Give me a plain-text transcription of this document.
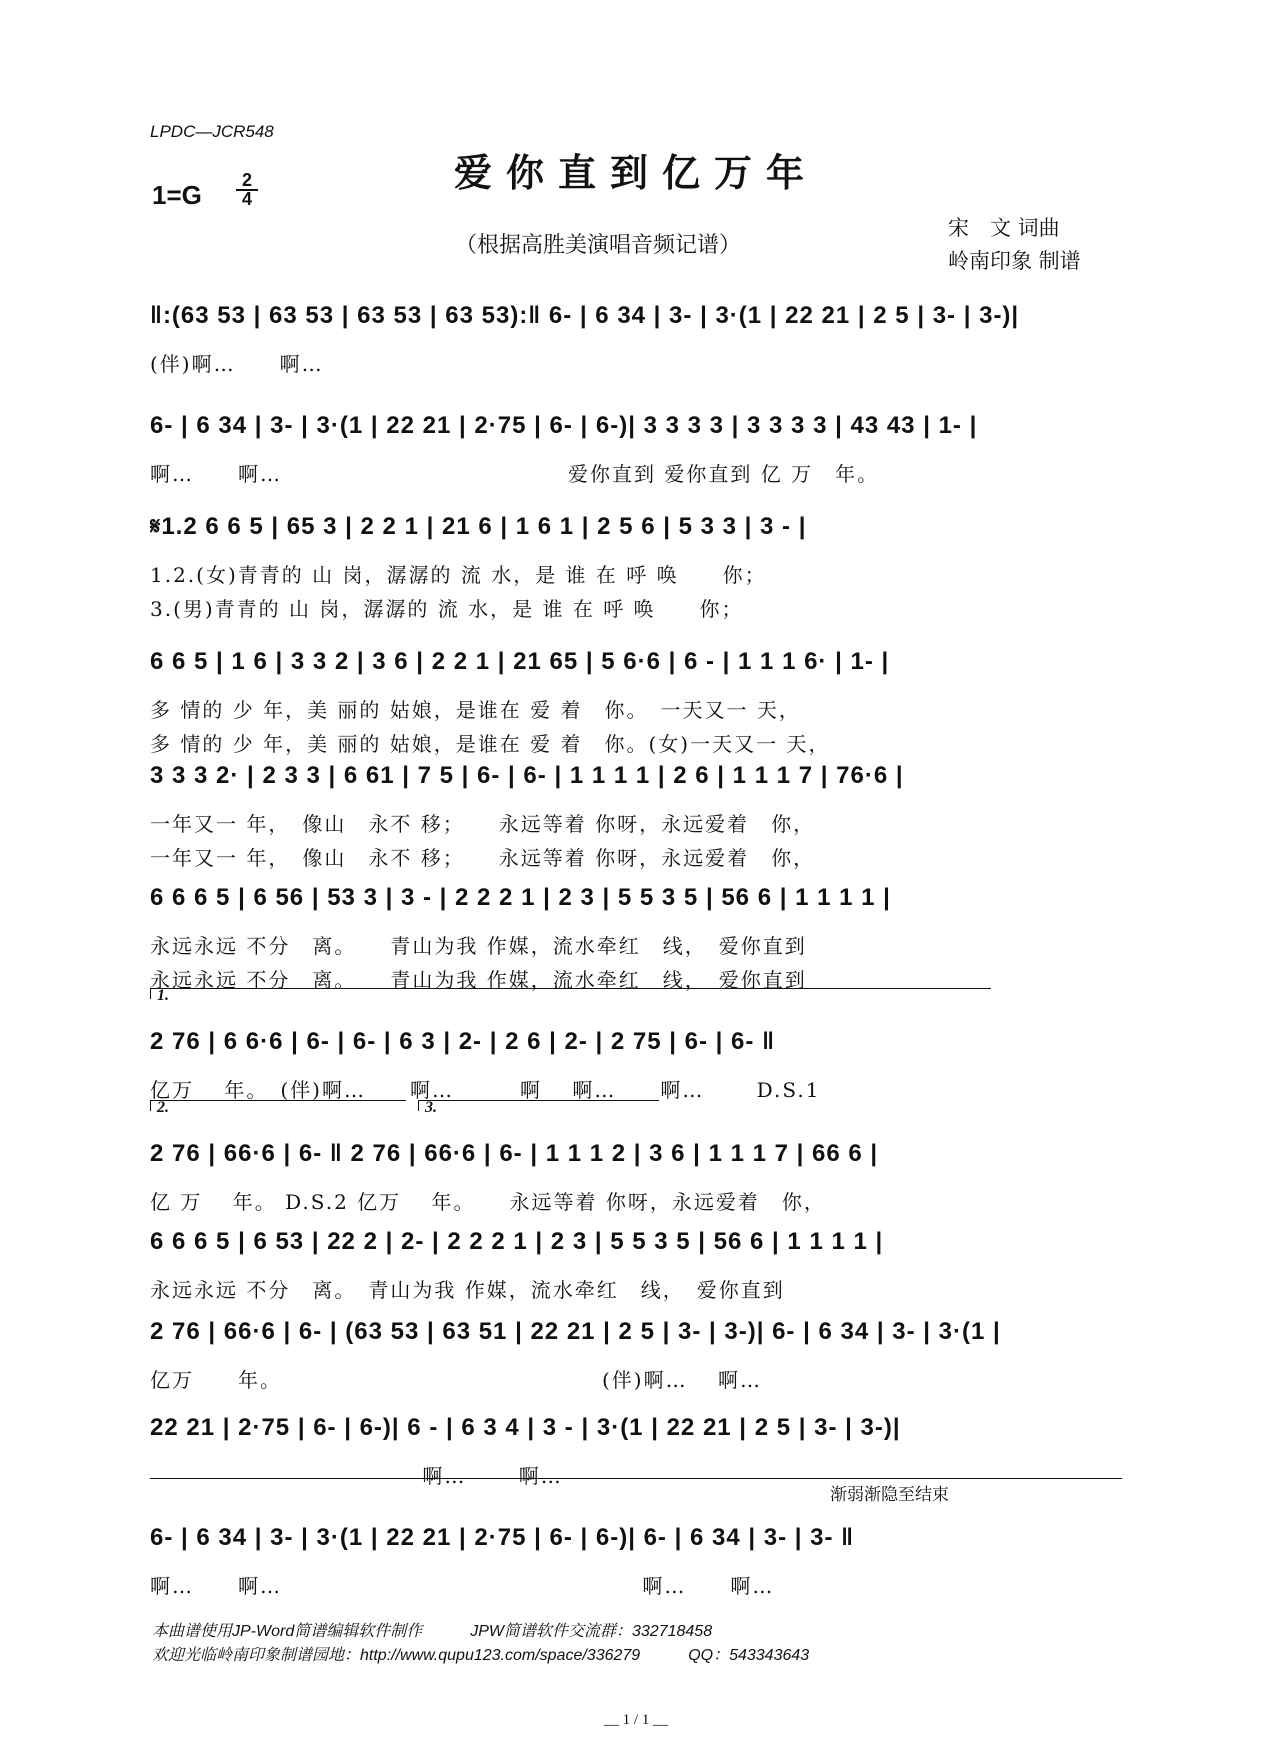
LPDC—JCR548
爱你直到亿万年
1=G	2
4
（根据高胜美演唱音频记谱）
宋　文 词曲
岭南印象 制谱
‖:(63 53 | 63 53 | 63 53 | 63 53):‖ 6- | 6 34 | 3- | 3·(1 | 22 21 | 2 5 | 3- | 3-)|
(伴)啊…　　啊…
6- | 6 34 | 3- | 3·(1 | 22 21 | 2·75 | 6- | 6-)| 3 3 3 3 | 3 3 3 3 | 43 43 | 1- |
啊…　　啊…　　　　　　　　　　　　　爱你直到 爱你直到 亿 万　年。
𝄋1.2 6 6 5 | 65 3 | 2 2 1 | 21 6 | 1 6 1 | 2 5 6 | 5 3 3 | 3 - |
1.2.(女)青青的 山 岗，潺潺的 流 水，是 谁 在 呼 唤　　你；
3.(男)青青的 山 岗，潺潺的 流 水，是 谁 在 呼 唤　　你；
6 6 5 | 1 6 | 3 3 2 | 3 6 | 2 2 1 | 21 65 | 5 6·6 | 6 - | 1 1 1 6· | 1- |
多 情的 少 年，美 丽的 姑娘，是谁在 爱 着　你。　一天又一 天，
多 情的 少 年，美 丽的 姑娘，是谁在 爱 着　你。(女)一天又一 天，
3 3 3 2· | 2 3 3 | 6 61 | 7 5 | 6- | 6- | 1 1 1 1 | 2 6 | 1 1 1 7 | 76·6 |
一年又一 年，　像山　永不 移；　　永远等着 你呀，永远爱着　你，
一年又一 年，　像山　永不 移；　　永远等着 你呀，永远爱着　你，
6 6 6 5 | 6 56 | 53 3 | 3 - | 2 2 2 1 | 2 3 | 5 5 3 5 | 56 6 | 1 1 1 1 |
永远永远 不分　离。　　青山为我 作媒，流水牵红　线，　爱你直到
永远永远 不分　离。　　青山为我 作媒，流水牵红　线，　爱你直到
2 76 | 6 6·6 | 6- | 6- | 6 3 | 2- | 2 6 | 2- | 2 75 | 6- | 6- ‖
亿万　 年。　(伴)啊…　　啊…　　　啊　 啊…　　啊…　　 D.S.1
2 76 | 66·6 | 6- ‖ 2 76 | 66·6 | 6- | 1 1 1 2 | 3 6 | 1 1 1 7 | 66 6 |
亿 万　 年。 D.S.2 亿万　 年。　　永远等着 你呀，永远爱着　你，
6 6 6 5 | 6 53 | 22 2 | 2- | 2 2 2 1 | 2 3 | 5 5 3 5 | 56 6 | 1 1 1 1 |
永远永远 不分　离。　青山为我 作媒，流水牵红　线，　爱你直到
2 76 | 66·6 | 6- | (63 53 | 63 51 | 22 21 | 2 5 | 3- | 3-)| 6- | 6 34 | 3- | 3·(1 |
亿万　　年。　　　　　　　　　　　　　　　(伴)啊…　 啊…
22 21 | 2·75 | 6- | 6-)| 6 - | 6 3 4 | 3 - | 3·(1 | 22 21 | 2 5 | 3- | 3-)|
　　　　　　　　　　　　 啊…　　 啊…
6- | 6 34 | 3- | 3·(1 | 22 21 | 2·75 | 6- | 6-)| 6- | 6 34 | 3- | 3- ‖
啊…　　啊…　　　　　　　　　　　　　　　　 啊…　　啊…
1.
2.	3.
渐弱渐隐至结束
本曲谱使用JP-Word简谱编辑软件制作　　　JPW简谱软件交流群：332718458
欢迎光临岭南印象制谱园地：http://www.qupu123.com/space/336279　　　QQ：543343643
__ 1 / 1 __
